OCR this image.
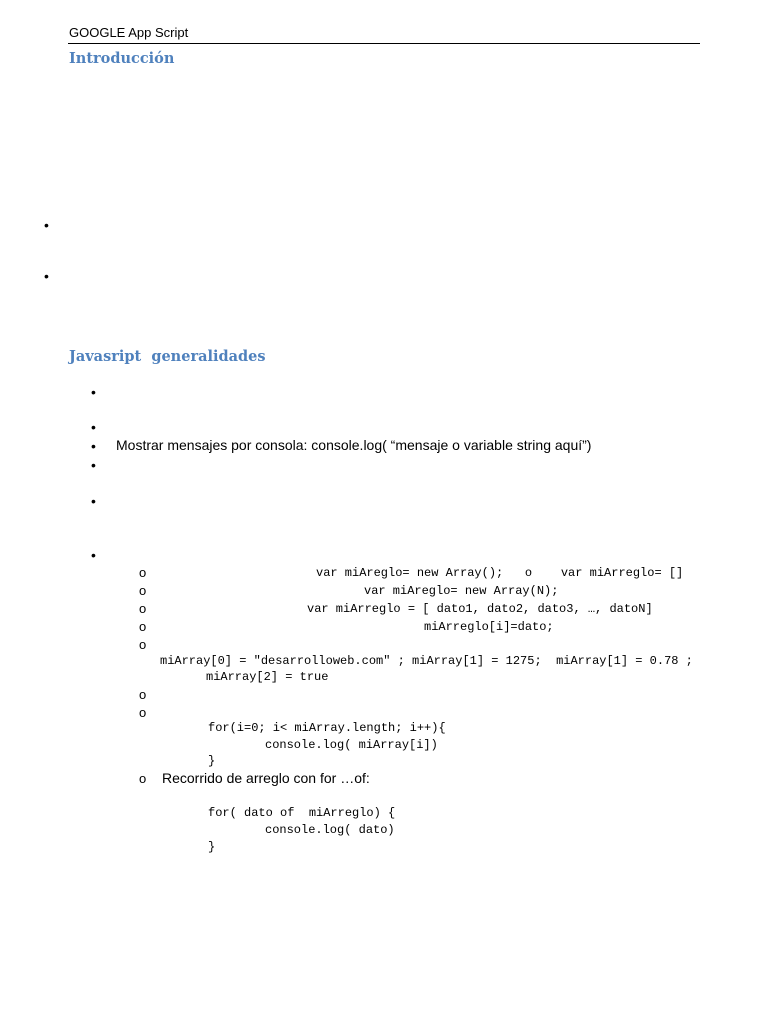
GOOGLE App Script
Introducción
•
•
Javasript  generalidades
•
•
• Mostrar mensajes por consola: console.log( “mensaje o variable string aquí”)
•
•
•
o	var miAreglo= new Array();   o    var miArreglo= []
o	var miAreglo= new Array(N);
o	var miArreglo = [ dato1, dato2, dato3, …, datoN]
o	miArreglo[i]=dato;
o
miArray[0] = "desarrolloweb.com" ; miArray[1] = 1275;  miArray[1] = 0.78 ;
miArray[2] = true
o
o
for(i=0; i< miArray.length; i++){
console.log( miArray[i])
}
o Recorrido de arreglo con for …of:
for( dato of  miArreglo) {
console.log( dato)
}
